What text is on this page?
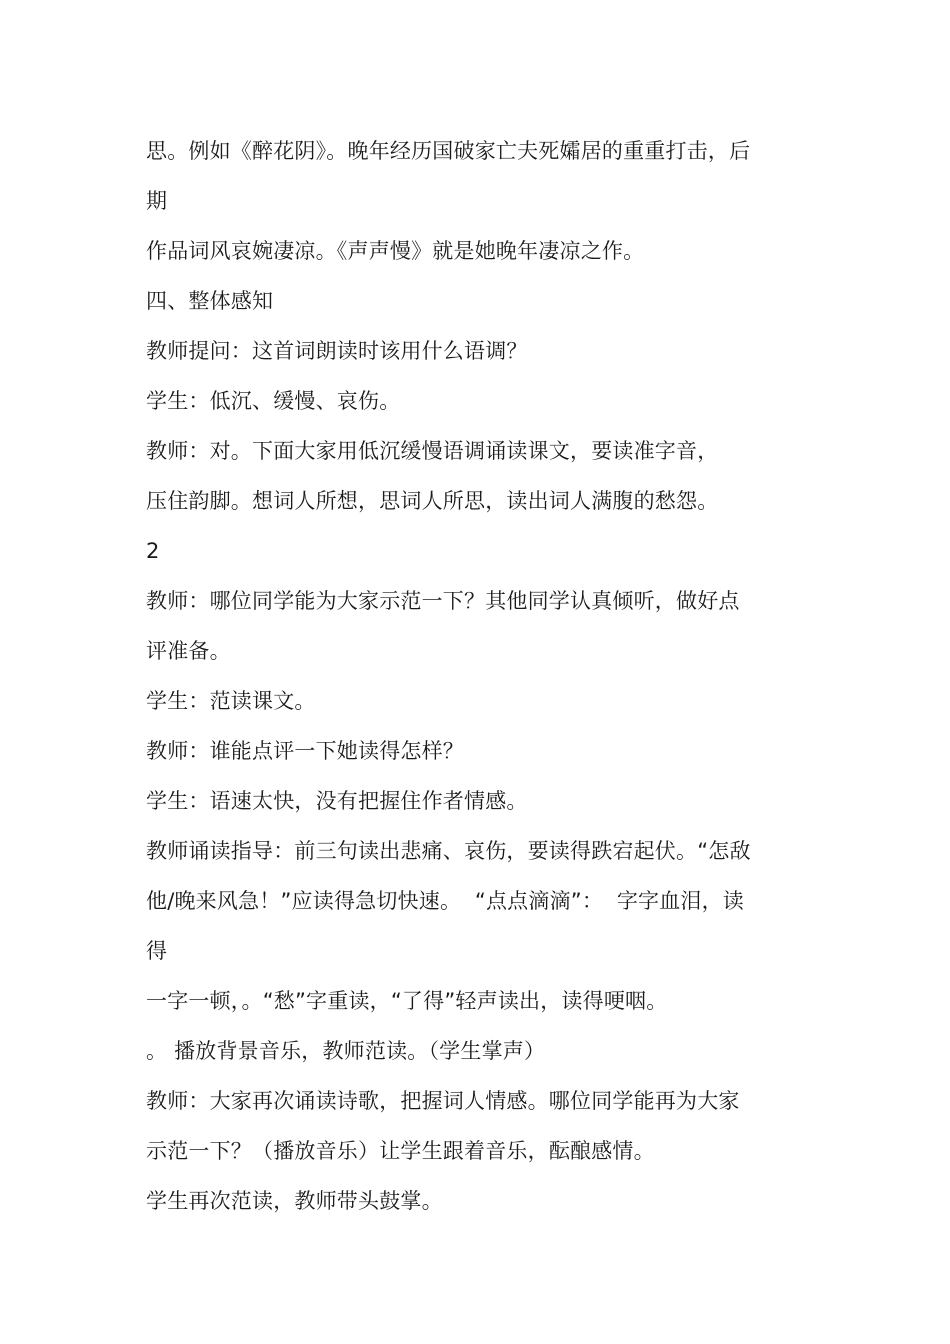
思。例如《醉花阴》。晚年经历国破家亡夫死孀居的重重打击，后
期
作品词风哀婉凄凉。《声声慢》就是她晚年凄凉之作。
四、整体感知
教师提问：这首词朗读时该用什么语调？
学生：低沉、缓慢、哀伤。
教师：对。下面大家用低沉缓慢语调诵读课文，要读准字音，
压住韵脚。想词人所想，思词人所思，读出词人满腹的愁怨。
2
教师：哪位同学能为大家示范一下？其他同学认真倾听，做好点
评准备。
学生：范读课文。
教师：谁能点评一下她读得怎样？
学生：语速太快，没有把握住作者情感。
教师诵读指导：前三句读出悲痛、哀伤，要读得跌宕起伏。“怎敌
他/晚来风急！”应读得急切快速。  “点点滴滴”：  字字血泪，读
得
一字一顿，。“愁”字重读，“了得”轻声读出，读得哽咽。
。 播放背景音乐，教师范读。（学生掌声）
教师：大家再次诵读诗歌，把握词人情感。哪位同学能再为大家
示范一下？（播放音乐）让学生跟着音乐，酝酿感情。
学生再次范读，教师带头鼓掌。
